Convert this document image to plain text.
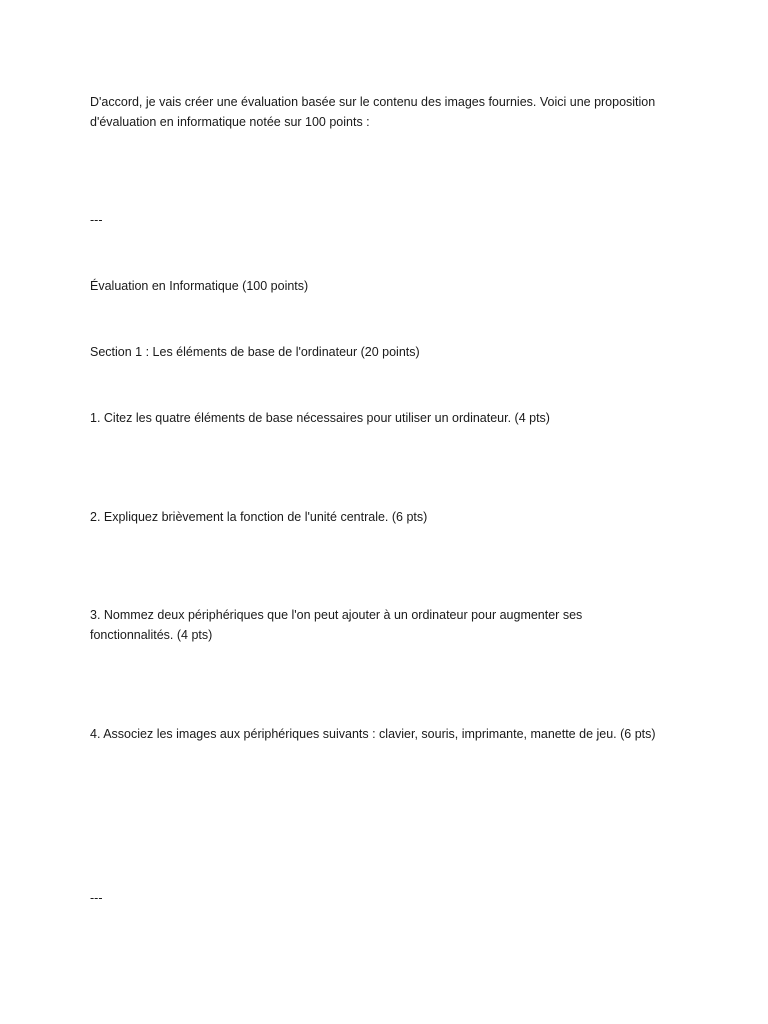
D'accord, je vais créer une évaluation basée sur le contenu des images fournies. Voici une proposition d'évaluation en informatique notée sur 100 points :
---
Évaluation en Informatique (100 points)
Section 1 : Les éléments de base de l'ordinateur (20 points)
1. Citez les quatre éléments de base nécessaires pour utiliser un ordinateur. (4 pts)
2. Expliquez brièvement la fonction de l'unité centrale. (6 pts)
3. Nommez deux périphériques que l'on peut ajouter à un ordinateur pour augmenter ses fonctionnalités. (4 pts)
4. Associez les images aux périphériques suivants : clavier, souris, imprimante, manette de jeu. (6 pts)
---
